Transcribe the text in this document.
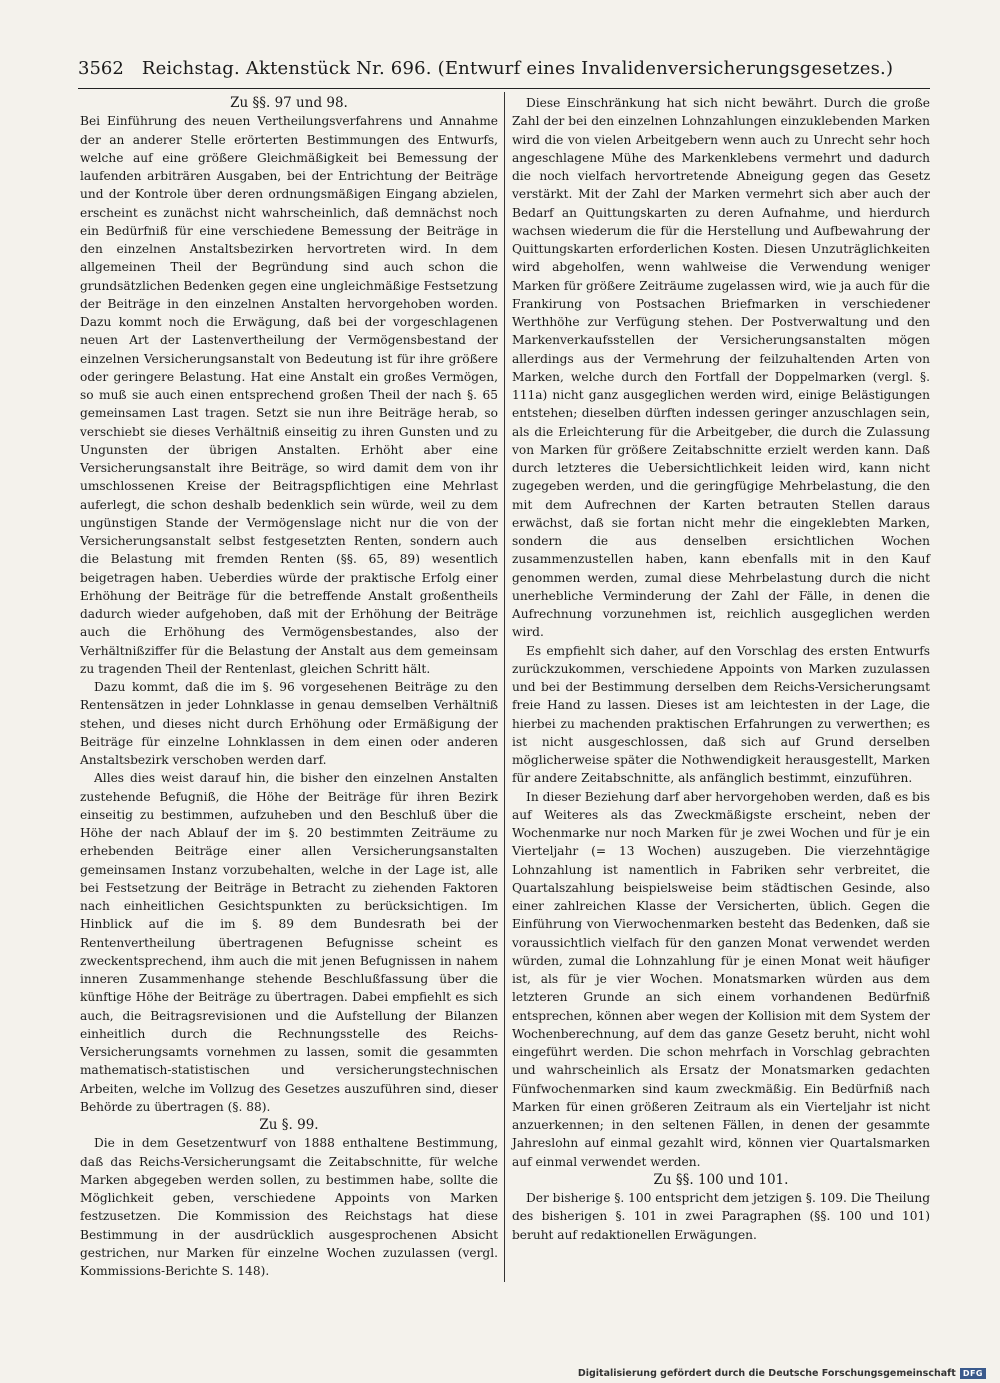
3562 Reichstag. Aktenstück Nr. 696. (Entwurf eines Invalidenversicherungsgesetzes.)
Zu §§. 97 und 98.

Bei Einführung des neuen Vertheilungsverfahrens und Annahme der an anderer Stelle erörterten Bestimmungen des Entwurfs, welche auf eine größere Gleichmäßigkeit bei Bemessung der laufenden arbiträren Ausgaben, bei der Entrichtung der Beiträge und der Kontrole über deren ordnungsmäßigen Eingang abzielen, erscheint es zunächst nicht wahrscheinlich, daß demnächst noch ein Bedürfniß für eine verschiedene Bemessung der Beiträge in den einzelnen Anstaltsbezirken hervortreten wird. In dem allgemeinen Theil der Begründung sind auch schon die grundsätzlichen Bedenken gegen eine ungleichmäßige Festsetzung der Beiträge in den einzelnen Anstalten hervorgehoben worden. Dazu kommt noch die Erwägung, daß bei der vorgeschlagenen neuen Art der Lastenvertheilung der Vermögensbestand der einzelnen Versicherungsanstalt von Bedeutung ist für ihre größere oder geringere Belastung. Hat eine Anstalt ein großes Vermögen, so muß sie auch einen entsprechend großen Theil der nach §. 65 gemeinsamen Last tragen. Setzt sie nun ihre Beiträge herab, so verschiebt sie dieses Verhältniß einseitig zu ihren Gunsten und zu Ungunsten der übrigen Anstalten. Erhöht aber eine Versicherungsanstalt ihre Beiträge, so wird damit dem von ihr umschlossenen Kreise der Beitragspflichtigen eine Mehrlast auferlegt, die schon deshalb bedenklich sein würde, weil zu dem ungünstigen Stande der Vermögenslage nicht nur die von der Versicherungsanstalt selbst festgesetzten Renten, sondern auch die Belastung mit fremden Renten (§§. 65, 89) wesentlich beigetragen haben. Ueberdies würde der praktische Erfolg einer Erhöhung der Beiträge für die betreffende Anstalt großentheils dadurch wieder aufgehoben, daß mit der Erhöhung der Beiträge auch die Erhöhung des Vermögensbestandes, also der Verhältnißziffer für die Belastung der Anstalt aus dem gemeinsam zu tragenden Theil der Rentenlast, gleichen Schritt hält.

Dazu kommt, daß die im §. 96 vorgesehenen Beiträge zu den Rentensätzen in jeder Lohnklasse in genau demselben Verhältniß stehen, und dieses nicht durch Erhöhung oder Ermäßigung der Beiträge für einzelne Lohnklassen in dem einen oder anderen Anstaltsbezirk verschoben werden darf.

Alles dies weist darauf hin, die bisher den einzelnen Anstalten zustehende Befugniß, die Höhe der Beiträge für ihren Bezirk einseitig zu bestimmen, aufzuheben und den Beschluß über die Höhe der nach Ablauf der im §. 20 bestimmten Zeiträume zu erhebenden Beiträge einer allen Versicherungsanstalten gemeinsamen Instanz vorzubehalten, welche in der Lage ist, alle bei Festsetzung der Beiträge in Betracht zu ziehenden Faktoren nach einheitlichen Gesichtspunkten zu berücksichtigen. Im Hinblick auf die im §. 89 dem Bundesrath bei der Rentenvertheilung übertragenen Befugnisse scheint es zweckentsprechend, ihm auch die mit jenen Befugnissen in nahem inneren Zusammenhange stehende Beschlußfassung über die künftige Höhe der Beiträge zu übertragen. Dabei empfiehlt es sich auch, die Beitragsrevisionen und die Aufstellung der Bilanzen einheitlich durch die Rechnungsstelle des Reichs-Versicherungsamts vornehmen zu lassen, somit die gesammten mathematisch-statistischen und versicherungstechnischen Arbeiten, welche im Vollzug des Gesetzes auszuführen sind, dieser Behörde zu übertragen (§. 88).

Zu §. 99.

Die in dem Gesetzentwurf von 1888 enthaltene Bestimmung, daß das Reichs-Versicherungsamt die Zeitabschnitte, für welche Marken abgegeben werden sollen, zu bestimmen habe, sollte die Möglichkeit geben, verschiedene Appoints von Marken festzusetzen. Die Kommission des Reichstags hat diese Bestimmung in der ausdrücklich ausgesprochenen Absicht gestrichen, nur Marken für einzelne Wochen zuzulassen (vergl. Kommissions-Berichte S. 148).

Diese Einschränkung hat sich nicht bewährt. Durch die große Zahl der bei den einzelnen Lohnzahlungen einzuklebenden Marken wird die von vielen Arbeitgebern wenn auch zu Unrecht sehr hoch angeschlagene Mühe des Markenklebens vermehrt und dadurch die noch vielfach hervortretende Abneigung gegen das Gesetz verstärkt. Mit der Zahl der Marken vermehrt sich aber auch der Bedarf an Quittungskarten zu deren Aufnahme, und hierdurch wachsen wiederum die für die Herstellung und Aufbewahrung der Quittungskarten erforderlichen Kosten. Diesen Unzuträglichkeiten wird abgeholfen, wenn wahlweise die Verwendung weniger Marken für größere Zeiträume zugelassen wird, wie ja auch für die Frankirung von Postsachen Briefmarken in verschiedener Werthhöhe zur Verfügung stehen. Der Postverwaltung und den Markenverkaufsstellen der Versicherungsanstalten mögen allerdings aus der Vermehrung der feilzuhaltenden Arten von Marken, welche durch den Fortfall der Doppelmarken (vergl. §. 111a) nicht ganz ausgeglichen werden wird, einige Belästigungen entstehen; dieselben dürften indessen geringer anzuschlagen sein, als die Erleichterung für die Arbeitgeber, die durch die Zulassung von Marken für größere Zeitabschnitte erzielt werden kann. Daß durch letzteres die Uebersichtlichkeit leiden wird, kann nicht zugegeben werden, und die geringfügige Mehrbelastung, die den mit dem Aufrechnen der Karten betrauten Stellen daraus erwächst, daß sie fortan nicht mehr die eingeklebten Marken, sondern die aus denselben ersichtlichen Wochen zusammenzustellen haben, kann ebenfalls mit in den Kauf genommen werden, zumal diese Mehrbelastung durch die nicht unerhebliche Verminderung der Zahl der Fälle, in denen die Aufrechnung vorzunehmen ist, reichlich ausgeglichen werden wird.

Es empfiehlt sich daher, auf den Vorschlag des ersten Entwurfs zurückzukommen, verschiedene Appoints von Marken zuzulassen und bei der Bestimmung derselben dem Reichs-Versicherungsamt freie Hand zu lassen. Dieses ist am leichtesten in der Lage, die hierbei zu machenden praktischen Erfahrungen zu verwerthen; es ist nicht ausgeschlossen, daß sich auf Grund derselben möglicherweise später die Nothwendigkeit herausgestellt, Marken für andere Zeitabschnitte, als anfänglich bestimmt, einzuführen.

In dieser Beziehung darf aber hervorgehoben werden, daß es bis auf Weiteres als das Zweckmäßigste erscheint, neben der Wochenmarke nur noch Marken für je zwei Wochen und für je ein Vierteljahr (= 13 Wochen) auszugeben. Die vierzehntägige Lohnzahlung ist namentlich in Fabriken sehr verbreitet, die Quartalszahlung beispielsweise beim städtischen Gesinde, also einer zahlreichen Klasse der Versicherten, üblich. Gegen die Einführung von Vierwochenmarken besteht das Bedenken, daß sie voraussichtlich vielfach für den ganzen Monat verwendet werden würden, zumal die Lohnzahlung für je einen Monat weit häufiger ist, als für je vier Wochen. Monatsmarken würden aus dem letzteren Grunde an sich einem vorhandenen Bedürfniß entsprechen, können aber wegen der Kollision mit dem System der Wochenberechnung, auf dem das ganze Gesetz beruht, nicht wohl eingeführt werden. Die schon mehrfach in Vorschlag gebrachten und wahrscheinlich als Ersatz der Monatsmarken gedachten Fünfwochenmarken sind kaum zweckmäßig. Ein Bedürfniß nach Marken für einen größeren Zeitraum als ein Vierteljahr ist nicht anzuerkennen; in den seltenen Fällen, in denen der gesammte Jahreslohn auf einmal gezahlt wird, können vier Quartalsmarken auf einmal verwendet werden.

Zu §§. 100 und 101.

Der bisherige §. 100 entspricht dem jetzigen §. 109. Die Theilung des bisherigen §. 101 in zwei Paragraphen (§§. 100 und 101) beruht auf redaktionellen Erwägungen.

Digitalisierung gefördert durch die Deutsche Forschungsgemeinschaft DFG
